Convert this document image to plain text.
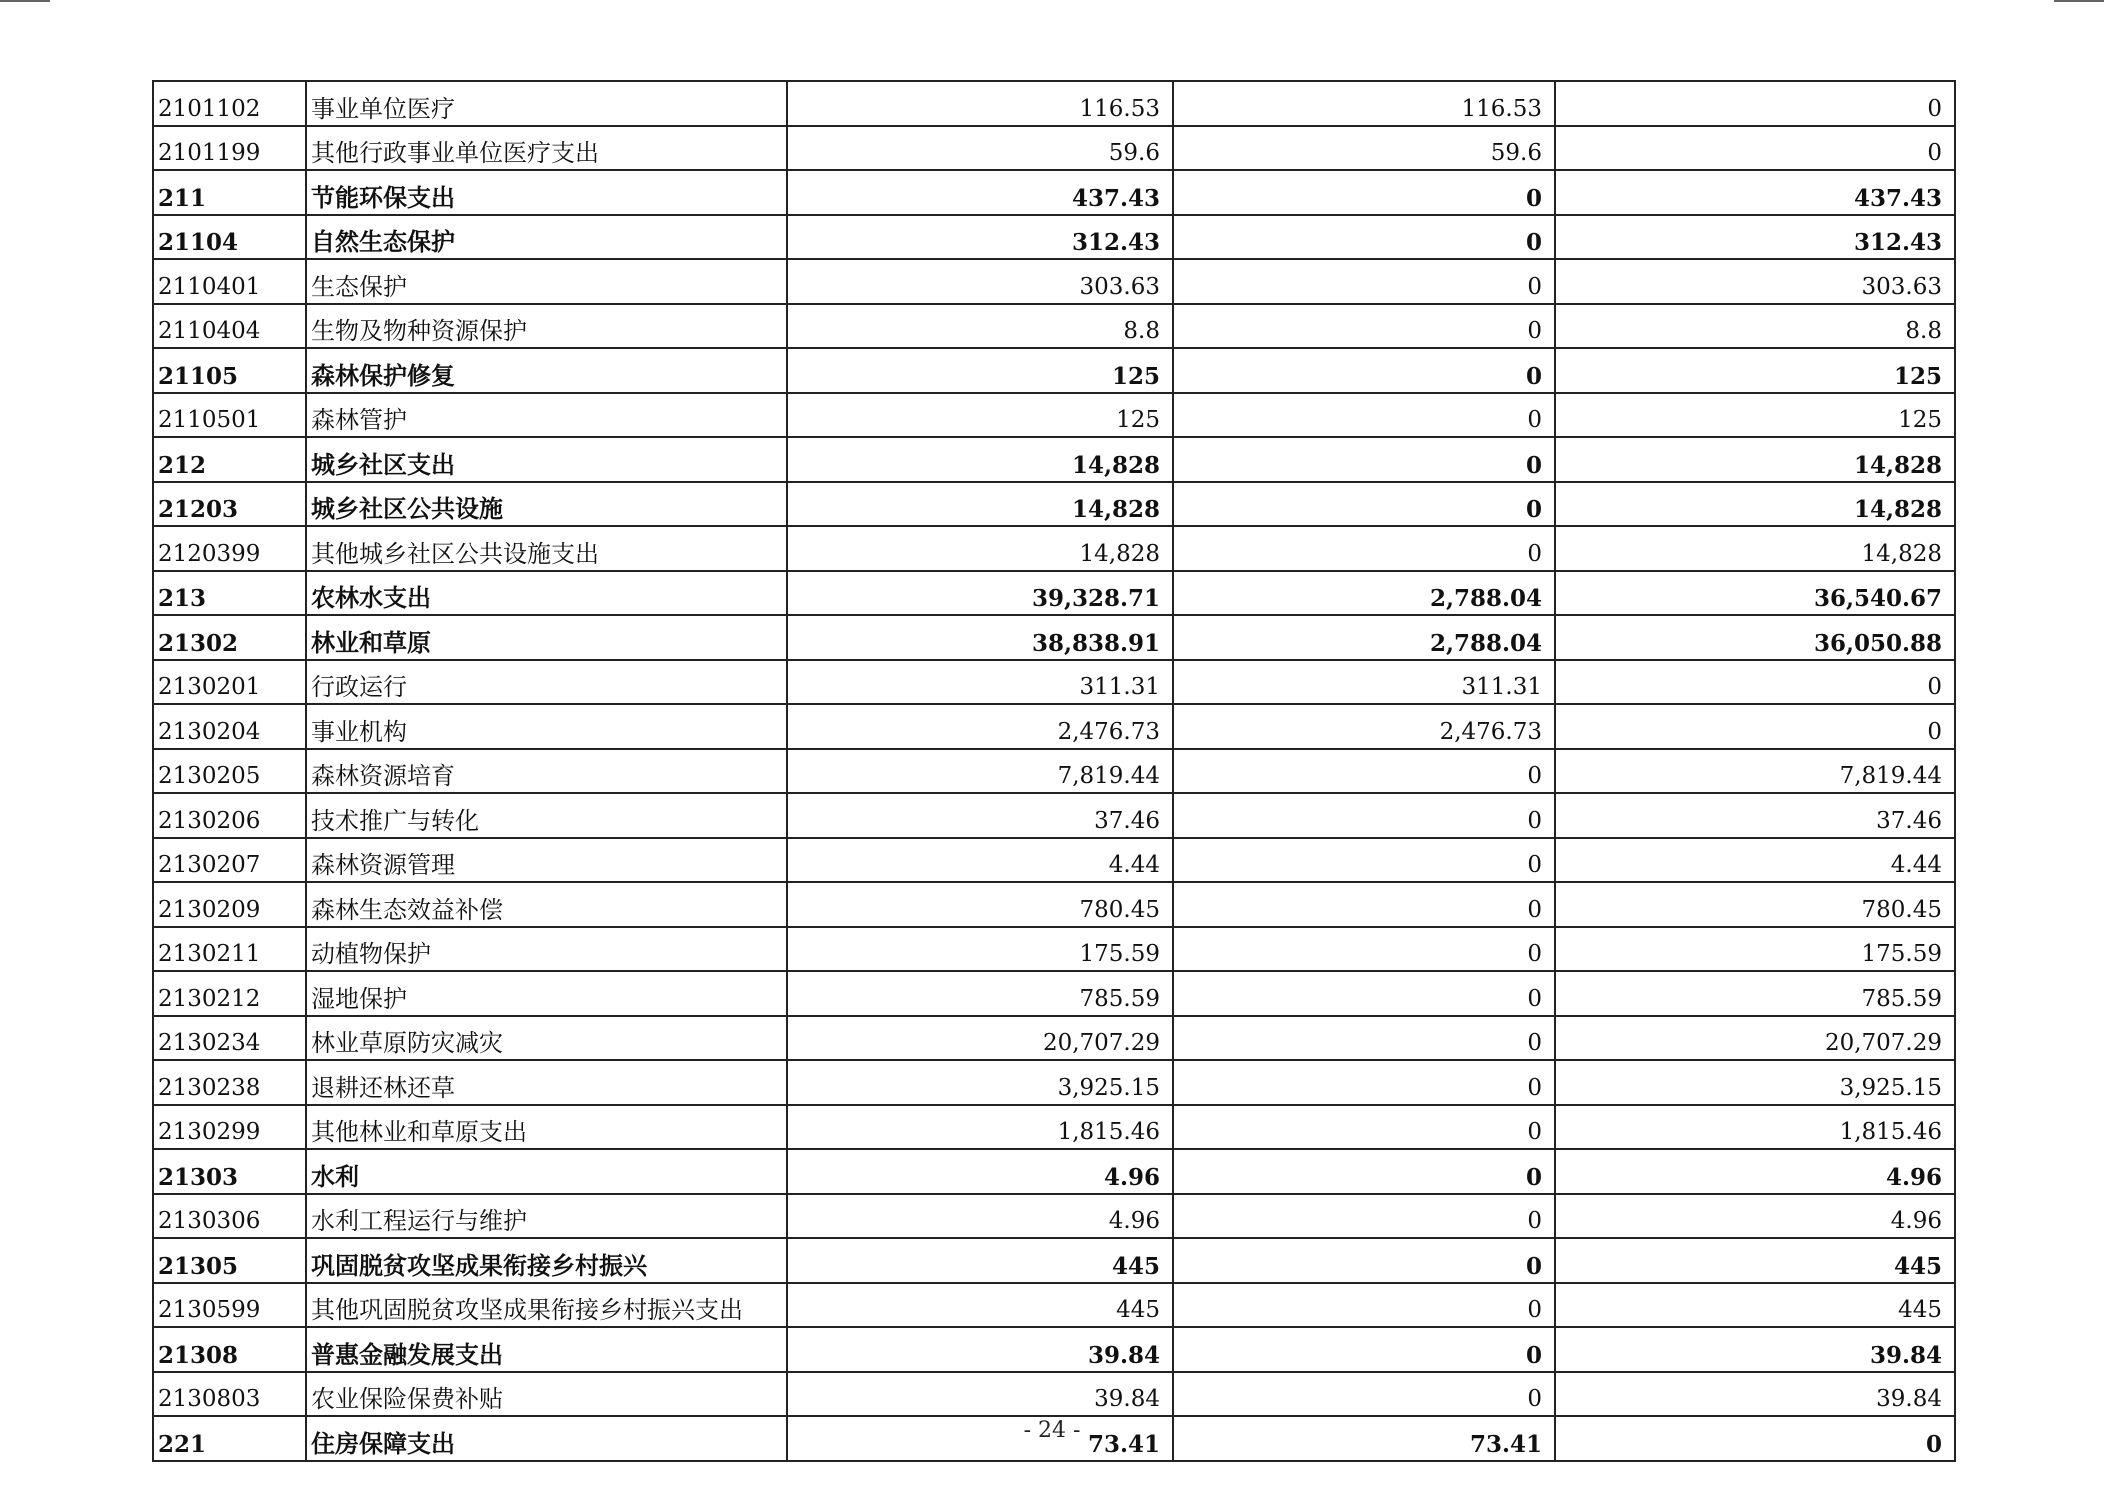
2101102	事业单位医疗	116.53	116.53	0
2101199	其他行政事业单位医疗支出	59.6	59.6	0
211	节能环保支出	437.43	0	437.43
21104	自然生态保护	312.43	0	312.43
2110401	生态保护	303.63	0	303.63
2110404	生物及物种资源保护	8.8	0	8.8
21105	森林保护修复	125	0	125
2110501	森林管护	125	0	125
212	城乡社区支出	14,828	0	14,828
21203	城乡社区公共设施	14,828	0	14,828
2120399	其他城乡社区公共设施支出	14,828	0	14,828
213	农林水支出	39,328.71	2,788.04	36,540.67
21302	林业和草原	38,838.91	2,788.04	36,050.88
2130201	行政运行	311.31	311.31	0
2130204	事业机构	2,476.73	2,476.73	0
2130205	森林资源培育	7,819.44	0	7,819.44
2130206	技术推广与转化	37.46	0	37.46
2130207	森林资源管理	4.44	0	4.44
2130209	森林生态效益补偿	780.45	0	780.45
2130211	动植物保护	175.59	0	175.59
2130212	湿地保护	785.59	0	785.59
2130234	林业草原防灾减灾	20,707.29	0	20,707.29
2130238	退耕还林还草	3,925.15	0	3,925.15
2130299	其他林业和草原支出	1,815.46	0	1,815.46
21303	水利	4.96	0	4.96
2130306	水利工程运行与维护	4.96	0	4.96
21305	巩固脱贫攻坚成果衔接乡村振兴	445	0	445
2130599	其他巩固脱贫攻坚成果衔接乡村振兴支出	445	0	445
21308	普惠金融发展支出	39.84	0	39.84
2130803	农业保险保费补贴	39.84	0	39.84
221	住房保障支出	73.41	73.41	0
- 24 -
